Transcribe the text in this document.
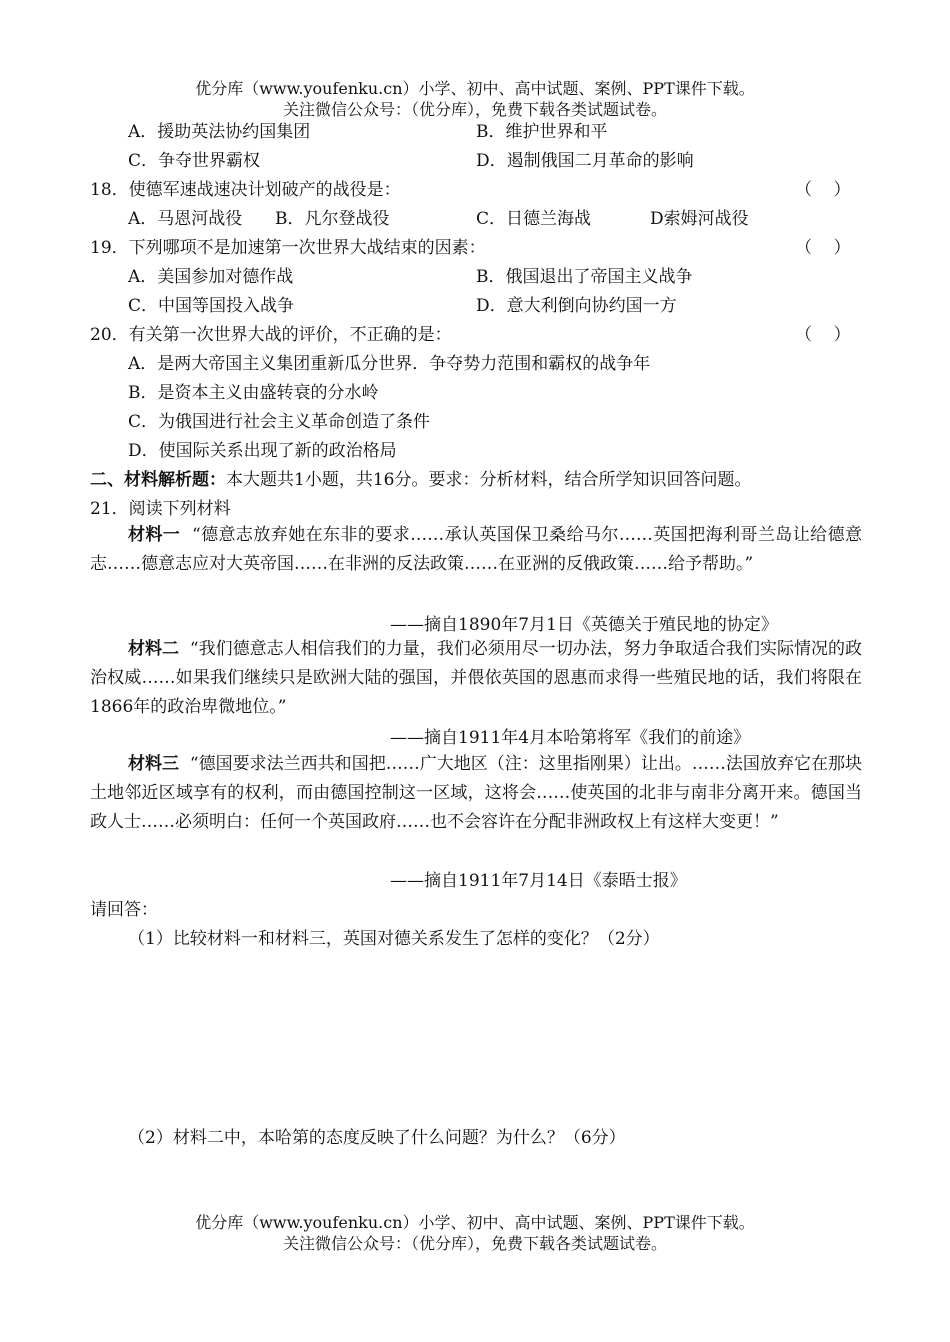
优分库（www.youfenku.cn）小学、初中、高中试题、案例、PPT课件下载。
关注微信公众号：（优分库），免费下载各类试题试卷。
A．援助英法协约国集团	B．维护世界和平
C．争夺世界霸权	D．遏制俄国二月革命的影响
18．使德军速战速决计划破产的战役是：	（    ）
A．马恩河战役 B．凡尔登战役	C．日德兰海战	D索姆河战役
19．下列哪项不是加速第一次世界大战结束的因素：	（    ）
A．美国参加对德作战	B．俄国退出了帝国主义战争
C．中国等国投入战争	D．意大利倒向协约国一方
20．有关第一次世界大战的评价，不正确的是：	（    ）
A．是两大帝国主义集团重新瓜分世界．争夺势力范围和霸权的战争年
B．是资本主义由盛转衰的分水岭
C．为俄国进行社会主义革命创造了条件
D．使国际关系出现了新的政治格局
二、材料解析题：本大题共1小题，共16分。要求：分析材料，结合所学知识回答问题。
21．阅读下列材料
材料一 “德意志放弃她在东非的要求……承认英国保卫桑给马尔……英国把海利哥兰岛让给德意志……德意志应对大英帝国……在非洲的反法政策……在亚洲的反俄政策……给予帮助。”
——摘自1890年7月1日《英德关于殖民地的协定》
材料二 “我们德意志人相信我们的力量，我们必须用尽一切办法，努力争取适合我们实际情况的政治权威……如果我们继续只是欧洲大陆的强国，并偎依英国的恩惠而求得一些殖民地的话，我们将限在1866年的政治卑微地位。”
——摘自1911年4月本哈第将军《我们的前途》
材料三 “德国要求法兰西共和国把……广大地区（注：这里指刚果）让出。……法国放弃它在那块土地邻近区域享有的权利，而由德国控制这一区域，这将会……使英国的北非与南非分离开来。德国当政人士……必须明白：任何一个英国政府……也不会容许在分配非洲政权上有这样大变更！”
——摘自1911年7月14日《泰晤士报》
请回答：
（1）比较材料一和材料三，英国对德关系发生了怎样的变化？（2分）
（2）材料二中，本哈第的态度反映了什么问题？为什么？（6分）
优分库（www.youfenku.cn）小学、初中、高中试题、案例、PPT课件下载。
关注微信公众号：（优分库），免费下载各类试题试卷。
